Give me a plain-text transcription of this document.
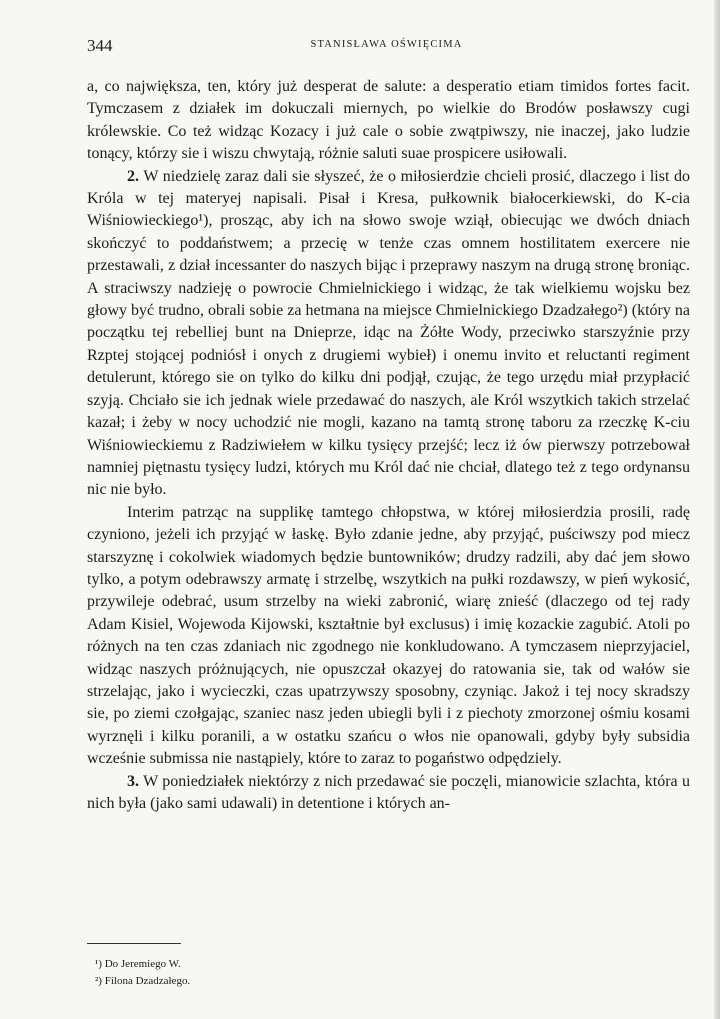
344	STANISŁAWA OŚWIĘCIMA

a, co największa, ten, który już desperat de salute: a desperatio etiam timidos fortes facit. Tymczasem z działek im dokuczali miernych, po wielkie do Brodów posławszy cugi królewskie. Co też widząc Kozacy i już cale o sobie zwątpiwszy, nie inaczej, jako ludzie tonący, którzy sie i wiszu chwytają, różnie saluti suae prospicere usiłowali.

2. W niedzielę zaraz dali sie słyszeć, że o miłosierdzie chcieli prosić, dlaczego i list do Króla w tej materyej napisali. Pisał i Kresa, pułkownik białocerkiewski, do K-cia Wiśniowieckiego¹), prosząc, aby ich na słowo swoje wziął, obiecując we dwóch dniach skończyć to poddaństwem; a przecię w tenże czas omnem hostilitatem exercere nie przestawali, z dział incessanter do naszych bijąc i przeprawy naszym na drugą stronę broniąc. A straciwszy nadzieję o powrocie Chmielnickiego i widząc, że tak wielkiemu wojsku bez głowy być trudno, obrali sobie za hetmana na miejsce Chmielnickiego Dzadzałego²) (który na początku tej rebelliej bunt na Dnieprze, idąc na Żółte Wody, przeciwko starszyźnie przy Rzptej stojącej podniósł i onych z drugiemi wybieł) i onemu invito et reluctanti regiment detulerunt, którego sie on tylko do kilku dni podjął, czując, że tego urzędu miał przypłacić szyją. Chciało sie ich jednak wiele przedawać do naszych, ale Król wszytkich takich strzelać kazał; i żeby w nocy uchodzić nie mogli, kazano na tamtą stronę taboru za rzeczkę K-ciu Wiśniowieckiemu z Radziwiełem w kilku tysięcy przejść; lecz iż ów pierwszy potrzebował namniej piętnastu tysięcy ludzi, których mu Król dać nie chciał, dlatego też z tego ordynansu nic nie było.

Interim patrząc na supplikę tamtego chłopstwa, w której miłosierdzia prosili, radę czyniono, jeżeli ich przyjąć w łaskę. Było zdanie jedne, aby przyjąć, puściwszy pod miecz starszyznę i cokolwiek wiadomych będzie buntowników; drudzy radzili, aby dać jem słowo tylko, a potym odebrawszy armatę i strzelbę, wszytkich na pułki rozdawszy, w pień wykosić, przywileje odebrać, usum strzelby na wieki zabronić, wiarę znieść (dlaczego od tej rady Adam Kisiel, Wojewoda Kijowski, kształtnie był exclusus) i imię kozackie zagubić. Atoli po różnych na ten czas zdaniach nic zgodnego nie konkludowano. A tymczasem nieprzyjaciel, widząc naszych próżnujących, nie opuszczał okazyej do ratowania sie, tak od wałów sie strzelając, jako i wycieczki, czas upatrzywszy sposobny, czyniąc. Jakoż i tej nocy skradszy sie, po ziemi czołgając, szaniec nasz jeden ubiegli byli i z piechoty zmorzonej ośmiu kosami wyrznęli i kilku poranili, a w ostatku szańcu o włos nie opanowali, gdyby były subsidia wcześnie submissa nie nastąpiely, które to zaraz to pogaństwo odpędziely.

3. W poniedziałek niektórzy z nich przedawać sie poczęli, mianowicie szlachta, która u nich była (jako sami udawali) in detentione i których an-

¹) Do Jeremiego W.
²) Filona Dzadzałego.
